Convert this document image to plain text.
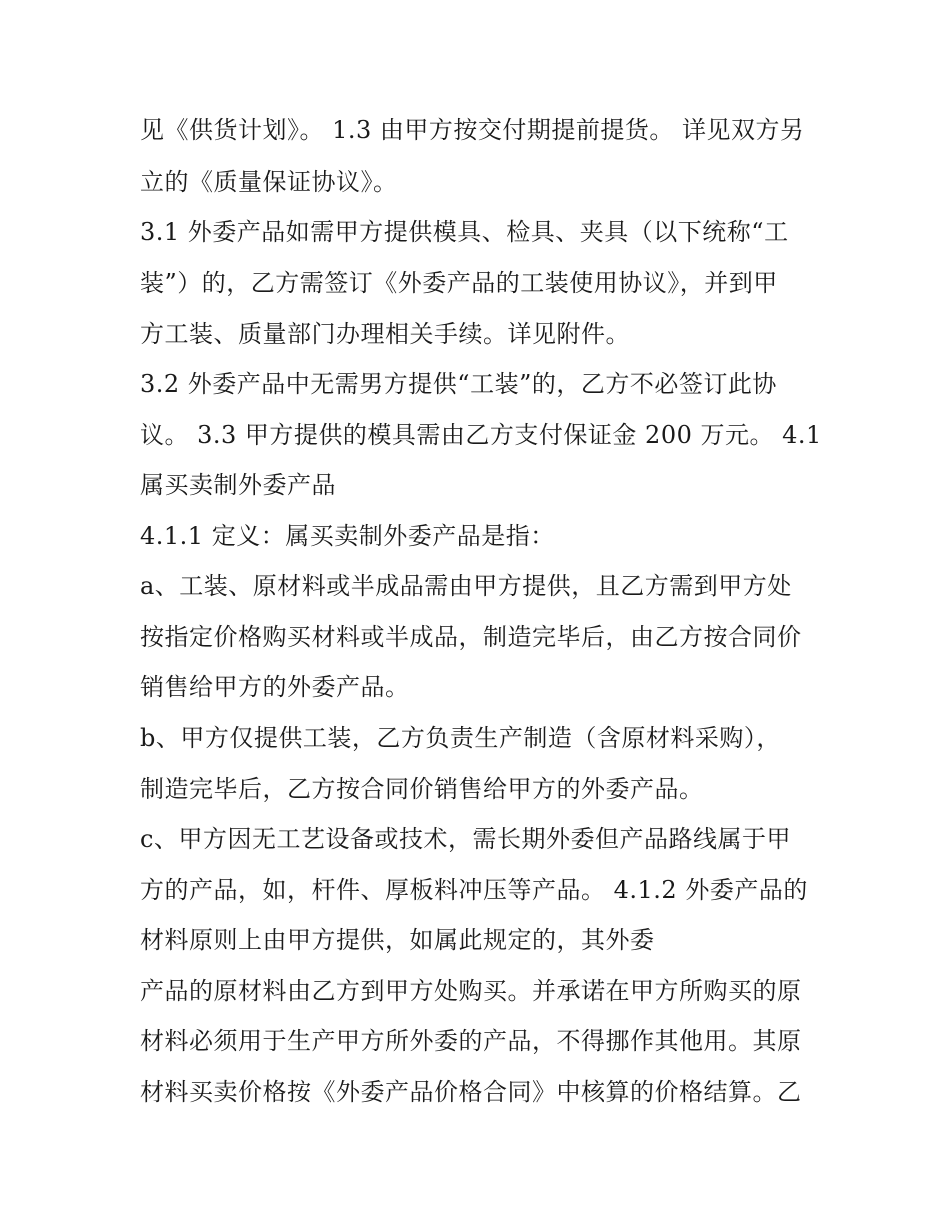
见《供货计划》。 1.3 由甲方按交付期提前提货。 详见双方另
立的《质量保证协议》。
3.1 外委产品如需甲方提供模具、检具、夹具（以下统称“工
装”）的，乙方需签订《外委产品的工装使用协议》，并到甲
方工装、质量部门办理相关手续。详见附件。
3.2 外委产品中无需男方提供“工装”的，乙方不必签订此协
议。 3.3 甲方提供的模具需由乙方支付保证金 200 万元。 4.1
属买卖制外委产品
4.1.1 定义：属买卖制外委产品是指：
a、工装、原材料或半成品需由甲方提供，且乙方需到甲方处
按指定价格购买材料或半成品，制造完毕后，由乙方按合同价
销售给甲方的外委产品。
b、甲方仅提供工装，乙方负责生产制造（含原材料采购），
制造完毕后，乙方按合同价销售给甲方的外委产品。
c、甲方因无工艺设备或技术，需长期外委但产品路线属于甲
方的产品，如，杆件、厚板料冲压等产品。 4.1.2 外委产品的
材料原则上由甲方提供，如属此规定的，其外委
产品的原材料由乙方到甲方处购买。并承诺在甲方所购买的原
材料必须用于生产甲方所外委的产品，不得挪作其他用。其原
材料买卖价格按《外委产品价格合同》中核算的价格结算。乙
